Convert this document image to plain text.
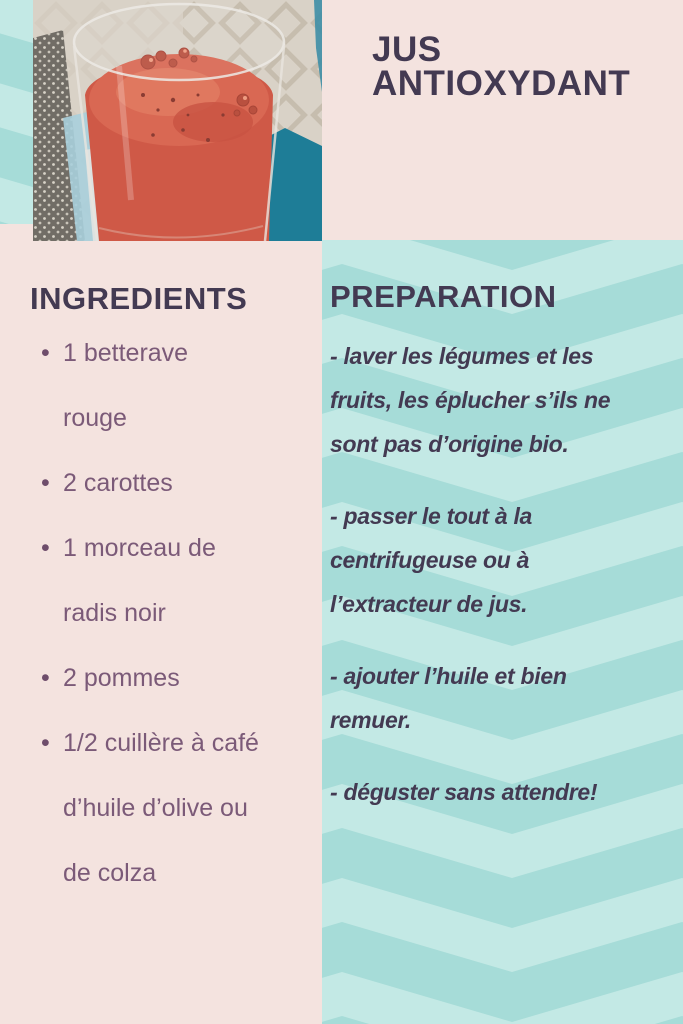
JUS
ANTIOXYDANT
PREPARATION
- laver les légumes et les
fruits, les éplucher s’ils ne
sont pas d’origine bio.
- passer le tout à la
centrifugeuse ou à
l’extracteur de jus.
- ajouter l’huile et bien
remuer.
- déguster sans attendre!
INGREDIENTS
• 1 betterave
rouge
• 2 carottes
• 1 morceau de
radis noir
• 2 pommes
• 1/2 cuillère à café
d’huile d’olive ou
de colza
